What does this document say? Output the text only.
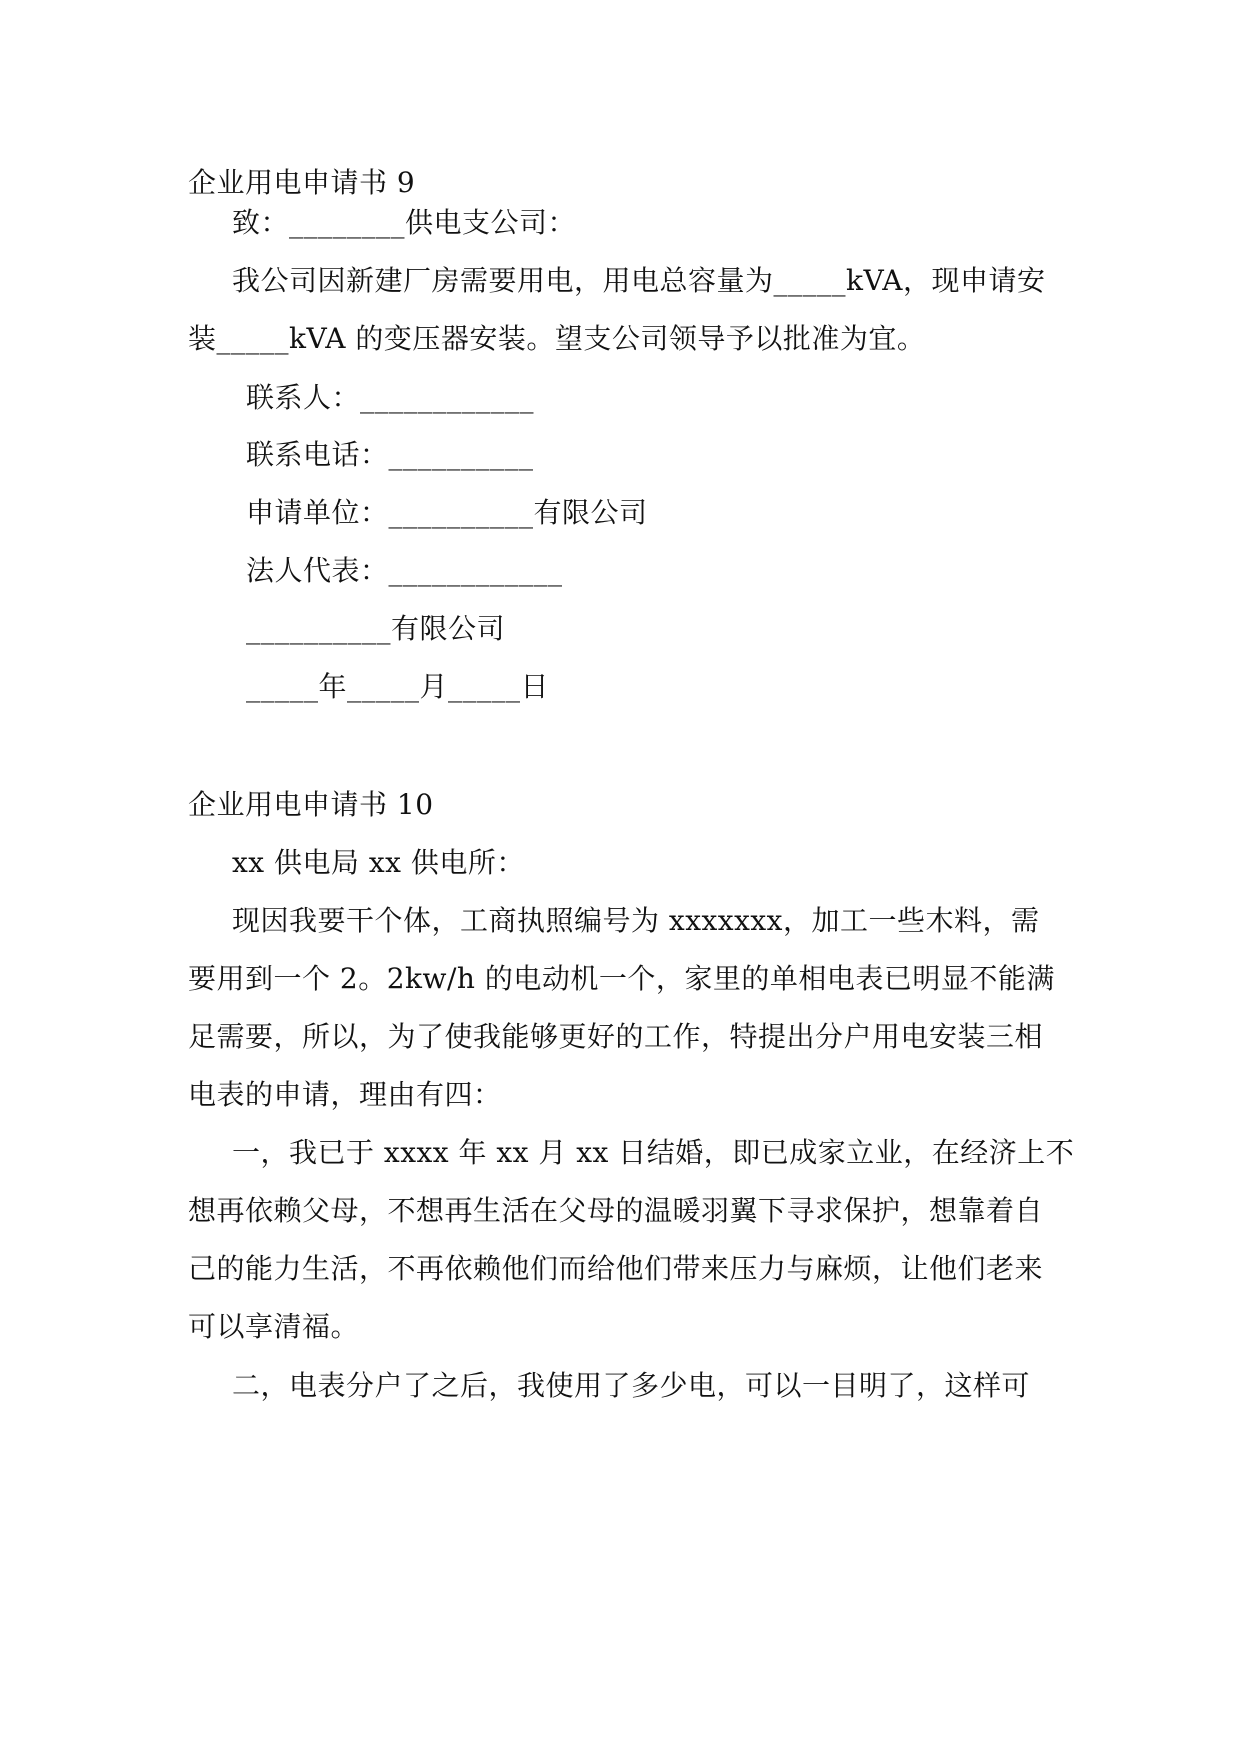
企业用电申请书 9
致：________供电支公司：
我公司因新建厂房需要用电，用电总容量为_____kVA，现申请安
装_____kVA 的变压器安装。望支公司领导予以批准为宜。
联系人：____________
联系电话：__________
申请单位：__________有限公司
法人代表：____________
__________有限公司
_____年_____月_____日
企业用电申请书 10
xx 供电局 xx 供电所：
现因我要干个体，工商执照编号为 xxxxxxx，加工一些木料，需
要用到一个 2。2kw/h 的电动机一个，家里的单相电表已明显不能满
足需要，所以，为了使我能够更好的工作，特提出分户用电安装三相
电表的申请，理由有四：
一，我已于 xxxx 年 xx 月 xx 日结婚，即已成家立业，在经济上不
想再依赖父母，不想再生活在父母的温暖羽翼下寻求保护，想靠着自
己的能力生活，不再依赖他们而给他们带来压力与麻烦，让他们老来
可以享清福。
二，电表分户了之后，我使用了多少电，可以一目明了，这样可
